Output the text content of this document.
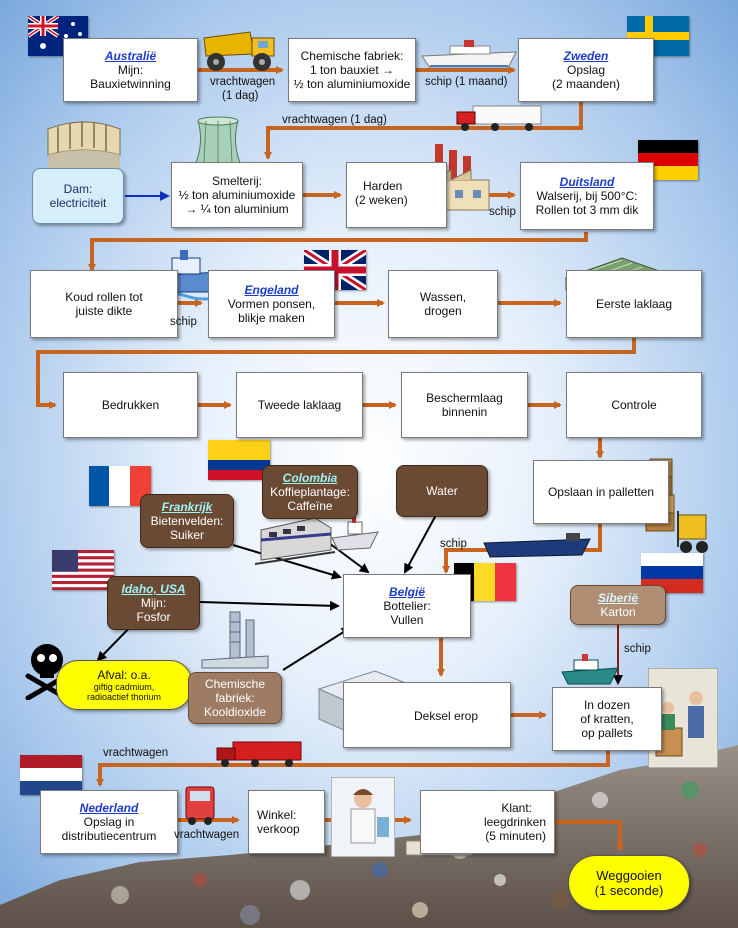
Australië
Mijn:
Bauxietwinning
Chemische fabriek:
1 ton bauxiet →
½ ton aluminiumoxide
Zweden
Opslag
(2 maanden)
Dam:
electriciteit
Smelterij:
½ ton aluminiumoxide
→ ¼ ton aluminium
Harden
(2 weken)
Duitsland
Walserij, bij 500°C:
Rollen tot 3 mm dik
Koud rollen tot
juiste dikte
Engeland
Vormen ponsen,
blikje maken
Wassen,
drogen	Eerste laklaag
Bedrukken	Tweede laklaag	Beschermlaag
binnenin	Controle
Frankrijk
Bietenvelden:
Suiker
Colombia
Koffieplantage:
Caffeïne
Water	Opslaan in palletten
Idaho, USA
Mijn:
Fosfor
België
Bottelier:
Vullen
Siberië
Karton
Afval: o.a.
giftig cadmium,
radioactief thorium
Chemische
fabriek:
Kooldioxide	Deksel erop
In dozen
of kratten,
op pallets
Nederland
Opslag in
distributiecentrum
Winkel:
verkoop
Klant:
leegdrinken
(5 minuten)
Weggooien
(1 seconde)
vrachtwagen
(1 dag)
schip (1 maand)
vrachtwagen (1 dag)
schip
schip
schip
schip
vrachtwagen
vrachtwagen
